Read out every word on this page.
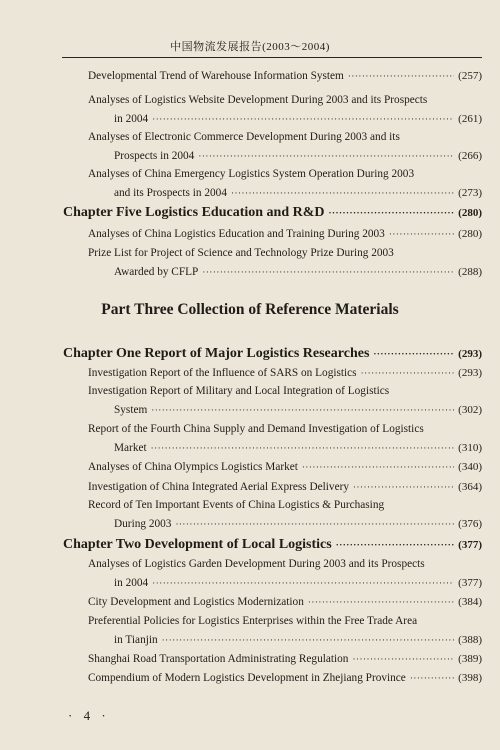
中国物流发展报告(2003～2004)
Developmental Trend of Warehouse Information System ·····	(257)
Analyses of Logistics Website Development During 2003 and its Prospects
in 2004 ·····	(261)
Analyses of Electronic Commerce Development During 2003 and its
Prospects in 2004 ·····	(266)
Analyses of China Emergency Logistics System Operation During 2003
and its Prospects in 2004 ·····	(273)
Chapter Five Logistics Education and R&D ·····	(280)
Analyses of China Logistics Education and Training During 2003 ·····	(280)
Prize List for Project of Science and Technology Prize During 2003
Awarded by CFLP ·····	(288)
Part Three Collection of Reference Materials
Chapter One Report of Major Logistics Researches ·····	(293)
Investigation Report of the Influence of SARS on Logistics ·····	(293)
Investigation Report of Military and Local Integration of Logistics
System ·····	(302)
Report of the Fourth China Supply and Demand Investigation of Logistics
Market ·····	(310)
Analyses of China Olympics Logistics Market ·····	(340)
Investigation of China Integrated Aerial Express Delivery ·····	(364)
Record of Ten Important Events of China Logistics & Purchasing
During 2003 ·····	(376)
Chapter Two Development of Local Logistics ·····	(377)
Analyses of Logistics Garden Development During 2003 and its Prospects
in 2004 ·····	(377)
City Development and Logistics Modernization ·····	(384)
Preferential Policies for Logistics Enterprises within the Free Trade Area
in Tianjin ·····	(388)
Shanghai Road Transportation Administrating Regulation ·····	(389)
Compendium of Modern Logistics Development in Zhejiang Province ·····	(398)
· 4 ·
